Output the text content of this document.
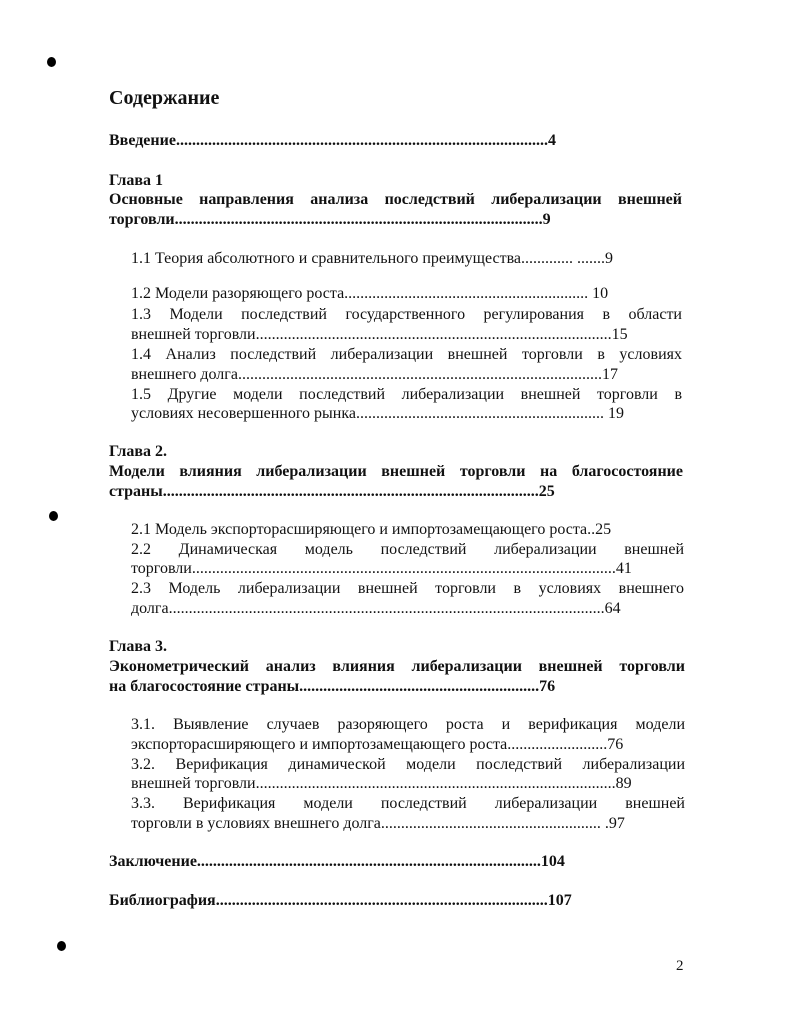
Содержание
Введение.............................................................................................4
Глава 1
Основные направления анализа последствий либерализации внешней
торговли............................................................................................9
1.1 Теория абсолютного и сравнительного преимущества............. .......9
1.2 Модели разоряющего роста............................................................. 10
1.3 Модели последствий государственного регулирования в области
внешней торговли.........................................................................................15
1.4 Анализ последствий либерализации внешней торговли в условиях
внешнего долга...........................................................................................17
1.5 Другие модели последствий либерализации внешней торговли в
условиях несовершенного рынка.............................................................. 19
Глава 2.
Модели влияния либерализации внешней торговли на благосостояние
страны..............................................................................................25
2.1 Модель экспорторасширяющего и импортозамещающего роста..25
2.2 Динамическая модель последствий либерализации внешней
торговли..........................................................................................................41
2.3 Модель либерализации внешней торговли в условиях внешнего
долга.............................................................................................................64
Глава 3.
Эконометрический анализ влияния либерализации внешней торговли
на благосостояние страны............................................................76
3.1. Выявление случаев разоряющего роста и верификация модели
экспорторасширяющего и импортозамещающего роста.........................76
3.2. Верификация динамической модели последствий либерализации
внешней торговли..........................................................................................89
3.3. Верификация модели последствий либерализации внешней
торговли в условиях внешнего долга....................................................... .97
Заключение......................................................................................104
Библиография...................................................................................107
2
